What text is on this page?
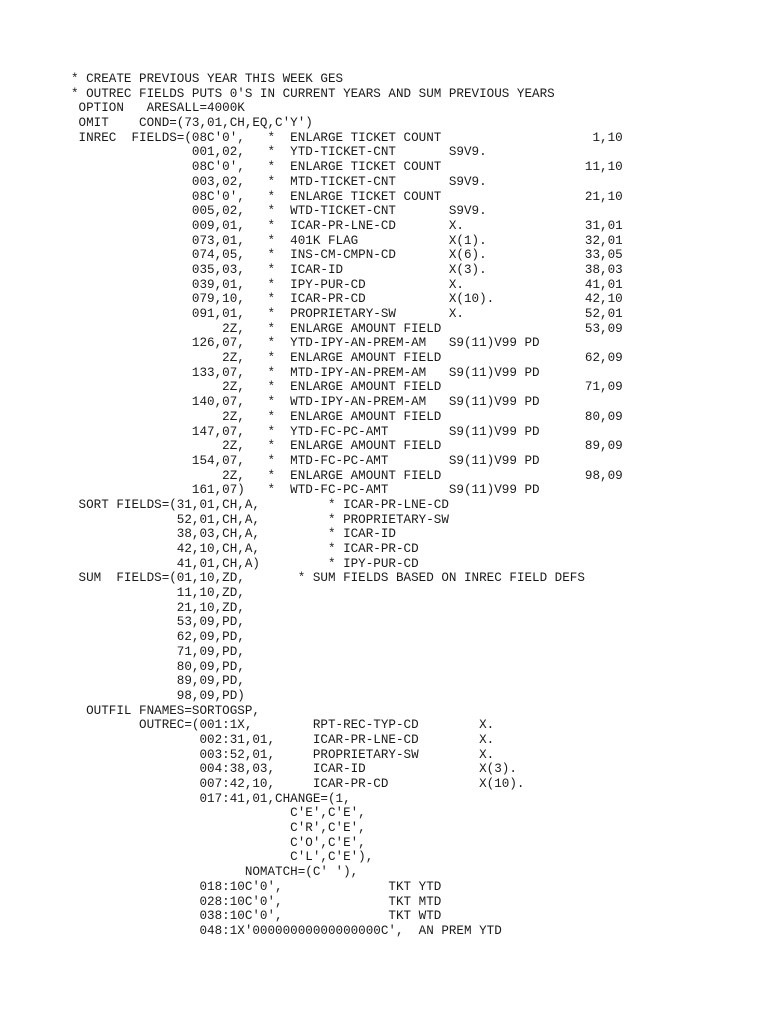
* CREATE PREVIOUS YEAR THIS WEEK GES
* OUTREC FIELDS PUTS 0'S IN CURRENT YEARS AND SUM PREVIOUS YEARS
OPTION   ARESALL=4000K
OMIT    COND=(73,01,CH,EQ,C'Y')
INREC  FIELDS=(08C'0',   *  ENLARGE TICKET COUNT                    1,10
001,02,   *  YTD-TICKET-CNT       S9V9.
08C'0',   *  ENLARGE TICKET COUNT                   11,10
003,02,   *  MTD-TICKET-CNT       S9V9.
08C'0',   *  ENLARGE TICKET COUNT                   21,10
005,02,   *  WTD-TICKET-CNT       S9V9.
009,01,   *  ICAR-PR-LNE-CD       X.                31,01
073,01,   *  401K FLAG            X(1).             32,01
074,05,   *  INS-CM-CMPN-CD       X(6).             33,05
035,03,   *  ICAR-ID              X(3).             38,03
039,01,   *  IPY-PUR-CD           X.                41,01
079,10,   *  ICAR-PR-CD           X(10).            42,10
091,01,   *  PROPRIETARY-SW       X.                52,01
2Z,   *  ENLARGE AMOUNT FIELD                   53,09
126,07,   *  YTD-IPY-AN-PREM-AM   S9(11)V99 PD
2Z,   *  ENLARGE AMOUNT FIELD                   62,09
133,07,   *  MTD-IPY-AN-PREM-AM   S9(11)V99 PD
2Z,   *  ENLARGE AMOUNT FIELD                   71,09
140,07,   *  WTD-IPY-AN-PREM-AM   S9(11)V99 PD
2Z,   *  ENLARGE AMOUNT FIELD                   80,09
147,07,   *  YTD-FC-PC-AMT        S9(11)V99 PD
2Z,   *  ENLARGE AMOUNT FIELD                   89,09
154,07,   *  MTD-FC-PC-AMT        S9(11)V99 PD
2Z,   *  ENLARGE AMOUNT FIELD                   98,09
161,07)   *  WTD-FC-PC-AMT        S9(11)V99 PD
SORT FIELDS=(31,01,CH,A,         * ICAR-PR-LNE-CD
52,01,CH,A,         * PROPRIETARY-SW
38,03,CH,A,         * ICAR-ID
42,10,CH,A,         * ICAR-PR-CD
41,01,CH,A)         * IPY-PUR-CD
SUM  FIELDS=(01,10,ZD,       * SUM FIELDS BASED ON INREC FIELD DEFS
11,10,ZD,
21,10,ZD,
53,09,PD,
62,09,PD,
71,09,PD,
80,09,PD,
89,09,PD,
98,09,PD)
OUTFIL FNAMES=SORTOGSP,
OUTREC=(001:1X,        RPT-REC-TYP-CD        X.
002:31,01,     ICAR-PR-LNE-CD        X.
003:52,01,     PROPRIETARY-SW        X.
004:38,03,     ICAR-ID               X(3).
007:42,10,     ICAR-PR-CD            X(10).
017:41,01,CHANGE=(1,
C'E',C'E',
C'R',C'E',
C'O',C'E',
C'L',C'E'),
NOMATCH=(C' '),
018:10C'0',              TKT YTD
028:10C'0',              TKT MTD
038:10C'0',              TKT WTD
048:1X'00000000000000000C',  AN PREM YTD
